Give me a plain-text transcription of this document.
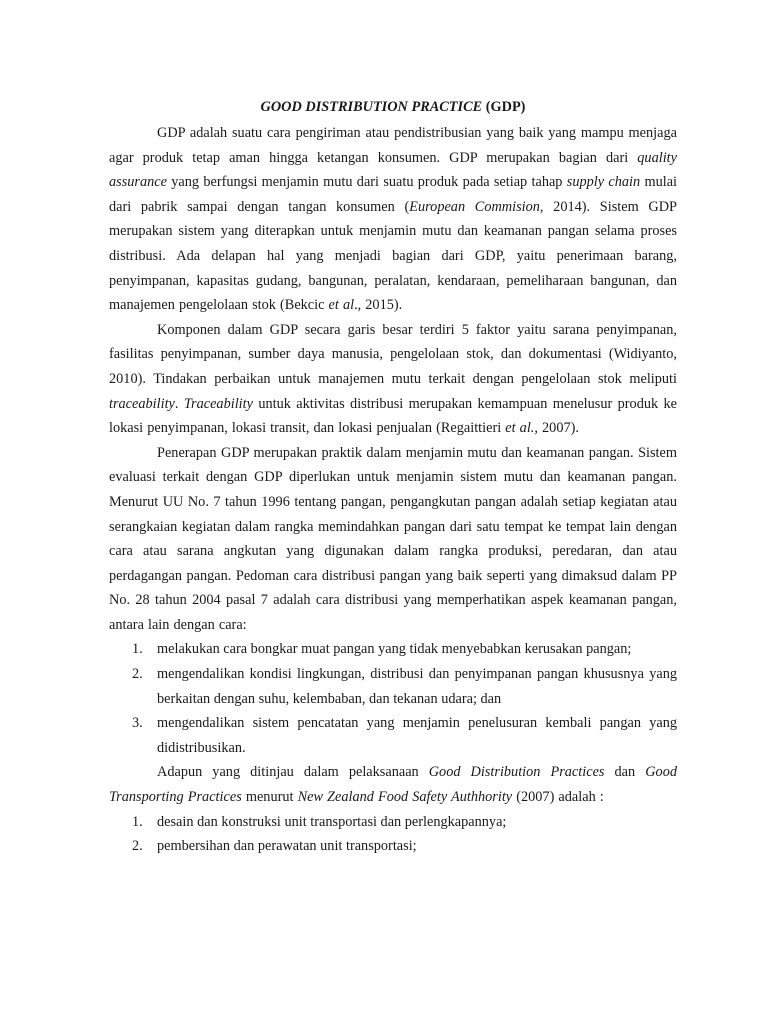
GOOD DISTRIBUTION PRACTICE (GDP)

GDP adalah suatu cara pengiriman atau pendistribusian yang baik yang mampu menjaga agar produk tetap aman hingga ketangan konsumen. GDP merupakan bagian dari quality assurance yang berfungsi menjamin mutu dari suatu produk pada setiap tahap supply chain mulai dari pabrik sampai dengan tangan konsumen (European Commision, 2014). Sistem GDP merupakan sistem yang diterapkan untuk menjamin mutu dan keamanan pangan selama proses distribusi. Ada delapan hal yang menjadi bagian dari GDP, yaitu penerimaan barang, penyimpanan, kapasitas gudang, bangunan, peralatan, kendaraan, pemeliharaan bangunan, dan manajemen pengelolaan stok (Bekcic et al., 2015).

Komponen dalam GDP secara garis besar terdiri 5 faktor yaitu sarana penyimpanan, fasilitas penyimpanan, sumber daya manusia, pengelolaan stok, dan dokumentasi (Widiyanto, 2010). Tindakan perbaikan untuk manajemen mutu terkait dengan pengelolaan stok meliputi traceability. Traceability untuk aktivitas distribusi merupakan kemampuan menelusur produk ke lokasi penyimpanan, lokasi transit, dan lokasi penjualan (Regaittieri et al., 2007).

Penerapan GDP merupakan praktik dalam menjamin mutu dan keamanan pangan. Sistem evaluasi terkait dengan GDP diperlukan untuk menjamin sistem mutu dan keamanan pangan. Menurut UU No. 7 tahun 1996 tentang pangan, pengangkutan pangan adalah setiap kegiatan atau serangkaian kegiatan dalam rangka memindahkan pangan dari satu tempat ke tempat lain dengan cara atau sarana angkutan yang digunakan dalam rangka produksi, peredaran, dan atau perdagangan pangan. Pedoman cara distribusi pangan yang baik seperti yang dimaksud dalam PP No. 28 tahun 2004 pasal 7 adalah cara distribusi yang memperhatikan aspek keamanan pangan, antara lain dengan cara:

1. melakukan cara bongkar muat pangan yang tidak menyebabkan kerusakan pangan;
2. mengendalikan kondisi lingkungan, distribusi dan penyimpanan pangan khususnya yang berkaitan dengan suhu, kelembaban, dan tekanan udara; dan
3. mengendalikan sistem pencatatan yang menjamin penelusuran kembali pangan yang didistribusikan.

Adapun yang ditinjau dalam pelaksanaan Good Distribution Practices dan Good Transporting Practices menurut New Zealand Food Safety Authhority (2007) adalah :

1. desain dan konstruksi unit transportasi dan perlengkapannya;
2. pembersihan dan perawatan unit transportasi;
